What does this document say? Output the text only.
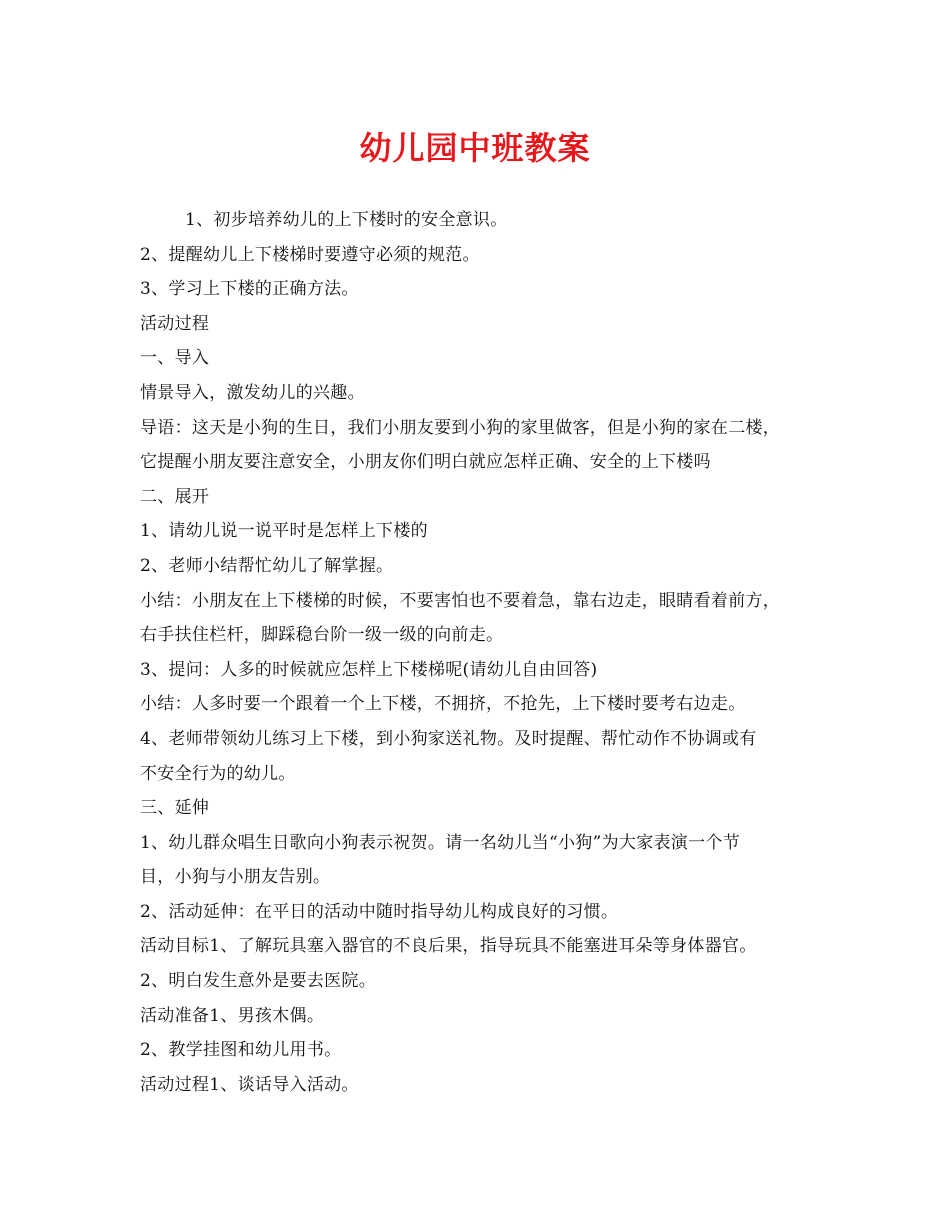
幼儿园中班教案
1、初步培养幼儿的上下楼时的安全意识。
2、提醒幼儿上下楼梯时要遵守必须的规范。
3、学习上下楼的正确方法。
活动过程
一、导入
情景导入，激发幼儿的兴趣。
导语：这天是小狗的生日，我们小朋友要到小狗的家里做客，但是小狗的家在二楼，
它提醒小朋友要注意安全，小朋友你们明白就应怎样正确、安全的上下楼吗
二、展开
1、请幼儿说一说平时是怎样上下楼的
2、老师小结帮忙幼儿了解掌握。
小结：小朋友在上下楼梯的时候，不要害怕也不要着急，靠右边走，眼睛看着前方，
右手扶住栏杆，脚踩稳台阶一级一级的向前走。
3、提问：人多的时候就应怎样上下楼梯呢(请幼儿自由回答)
小结：人多时要一个跟着一个上下楼，不拥挤，不抢先，上下楼时要考右边走。
4、老师带领幼儿练习上下楼，到小狗家送礼物。及时提醒、帮忙动作不协调或有
不安全行为的幼儿。
三、延伸
1、幼儿群众唱生日歌向小狗表示祝贺。请一名幼儿当“小狗”为大家表演一个节
目，小狗与小朋友告别。
2、活动延伸：在平日的活动中随时指导幼儿构成良好的习惯。
活动目标1、了解玩具塞入器官的不良后果，指导玩具不能塞进耳朵等身体器官。
2、明白发生意外是要去医院。
活动准备1、男孩木偶。
2、教学挂图和幼儿用书。
活动过程1、谈话导入活动。
